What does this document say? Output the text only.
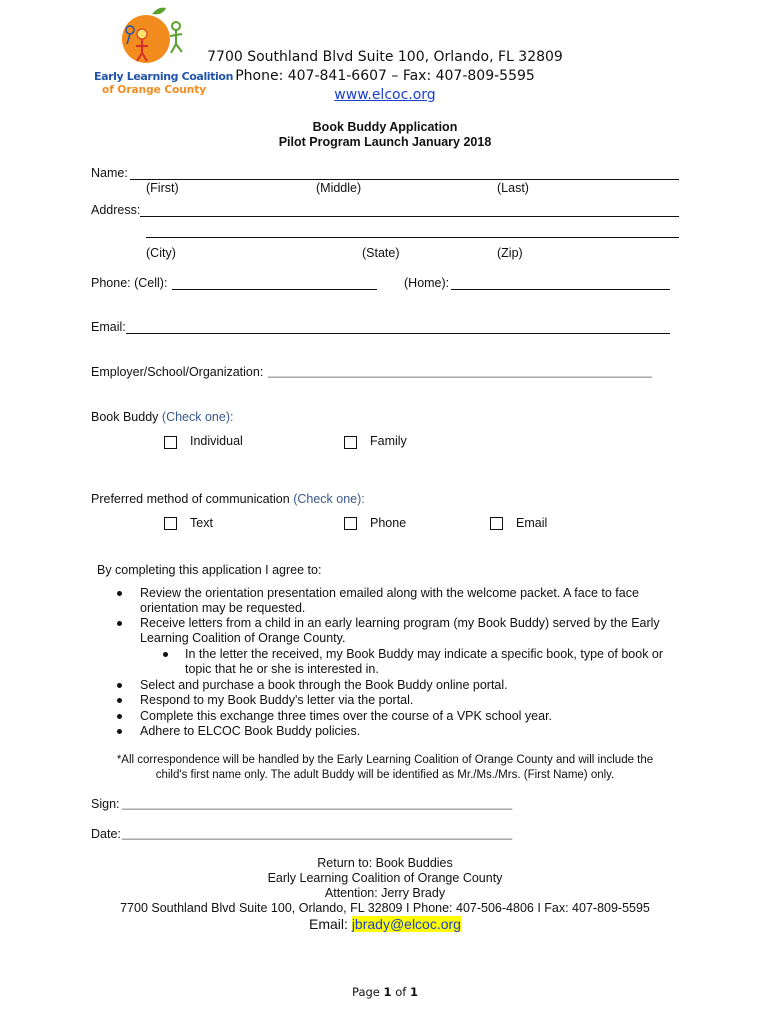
Early Learning Coalition
of Orange County
7700 Southland Blvd Suite 100, Orlando, FL 32809
Phone: 407-841-6607 – Fax: 407-809-5595
www.elcoc.org
Book Buddy Application
Pilot Program Launch January 2018
Name:
(First)	(Middle)	(Last)
Address:
(City)	(State)	(Zip)
Phone: (Cell):	(Home):
Email:
Employer/School/Organization: ____________________________________________________________
Book Buddy (Check one):
Individual	Family
Preferred method of communication (Check one):
Text	Phone	Email
By completing this application I agree to:
Review the orientation presentation emailed along with the welcome packet. A face to face
orientation may be requested.
Receive letters from a child in an early learning program (my Book Buddy) served by the Early
Learning Coalition of Orange County.
In the letter the received, my Book Buddy may indicate a specific book, type of book or
topic that he or she is interested in.
Select and purchase a book through the Book Buddy online portal.
Respond to my Book Buddy's letter via the portal.
Complete this exchange three times over the course of a VPK school year.
Adhere to ELCOC Book Buddy policies.
*All correspondence will be handled by the Early Learning Coalition of Orange County and will include the
child's first name only. The adult Buddy will be identified as Mr./Ms./Mrs. (First Name) only.
Sign: _____________________________________________________________
Date: _____________________________________________________________
Return to: Book Buddies
Early Learning Coalition of Orange County
Attention: Jerry Brady
7700 Southland Blvd Suite 100, Orlando, FL 32809 I Phone: 407-506-4806 I Fax: 407-809-5595
Email: jbrady@elcoc.org
Page 1 of 1
